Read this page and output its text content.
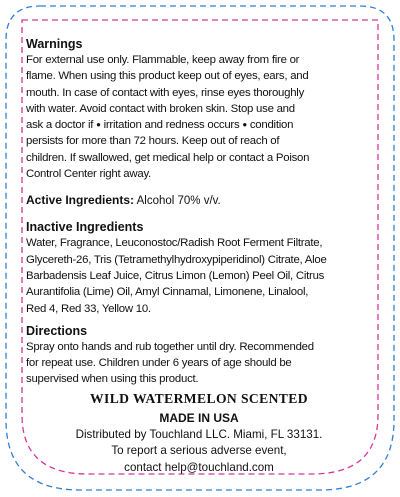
Warnings
For external use only. Flammable, keep away from fire or
flame. When using this product keep out of eyes, ears, and
mouth. In case of contact with eyes, rinse eyes thoroughly
with water. Avoid contact with broken skin. Stop use and
ask a doctor if ● irritation and redness occurs ● condition
persists for more than 72 hours. Keep out of reach of
children. If swallowed, get medical help or contact a Poison
Control Center right away.
Active Ingredients: Alcohol 70% v/v.
Inactive Ingredients
Water, Fragrance, Leuconostoc/Radish Root Ferment Filtrate,
Glycereth-26, Tris (Tetramethylhydroxypiperidinol) Citrate, Aloe
Barbadensis Leaf Juice, Citrus Limon (Lemon) Peel Oil, Citrus
Aurantifolia (Lime) Oil, Amyl Cinnamal, Limonene, Linalool,
Red 4, Red 33, Yellow 10.
Directions
Spray onto hands and rub together until dry. Recommended
for repeat use. Children under 6 years of age should be
supervised when using this product.
WILD WATERMELON SCENTED
MADE IN USA
Distributed by Touchland LLC. Miami, FL 33131.
To report a serious adverse event,
contact help@touchland.com
